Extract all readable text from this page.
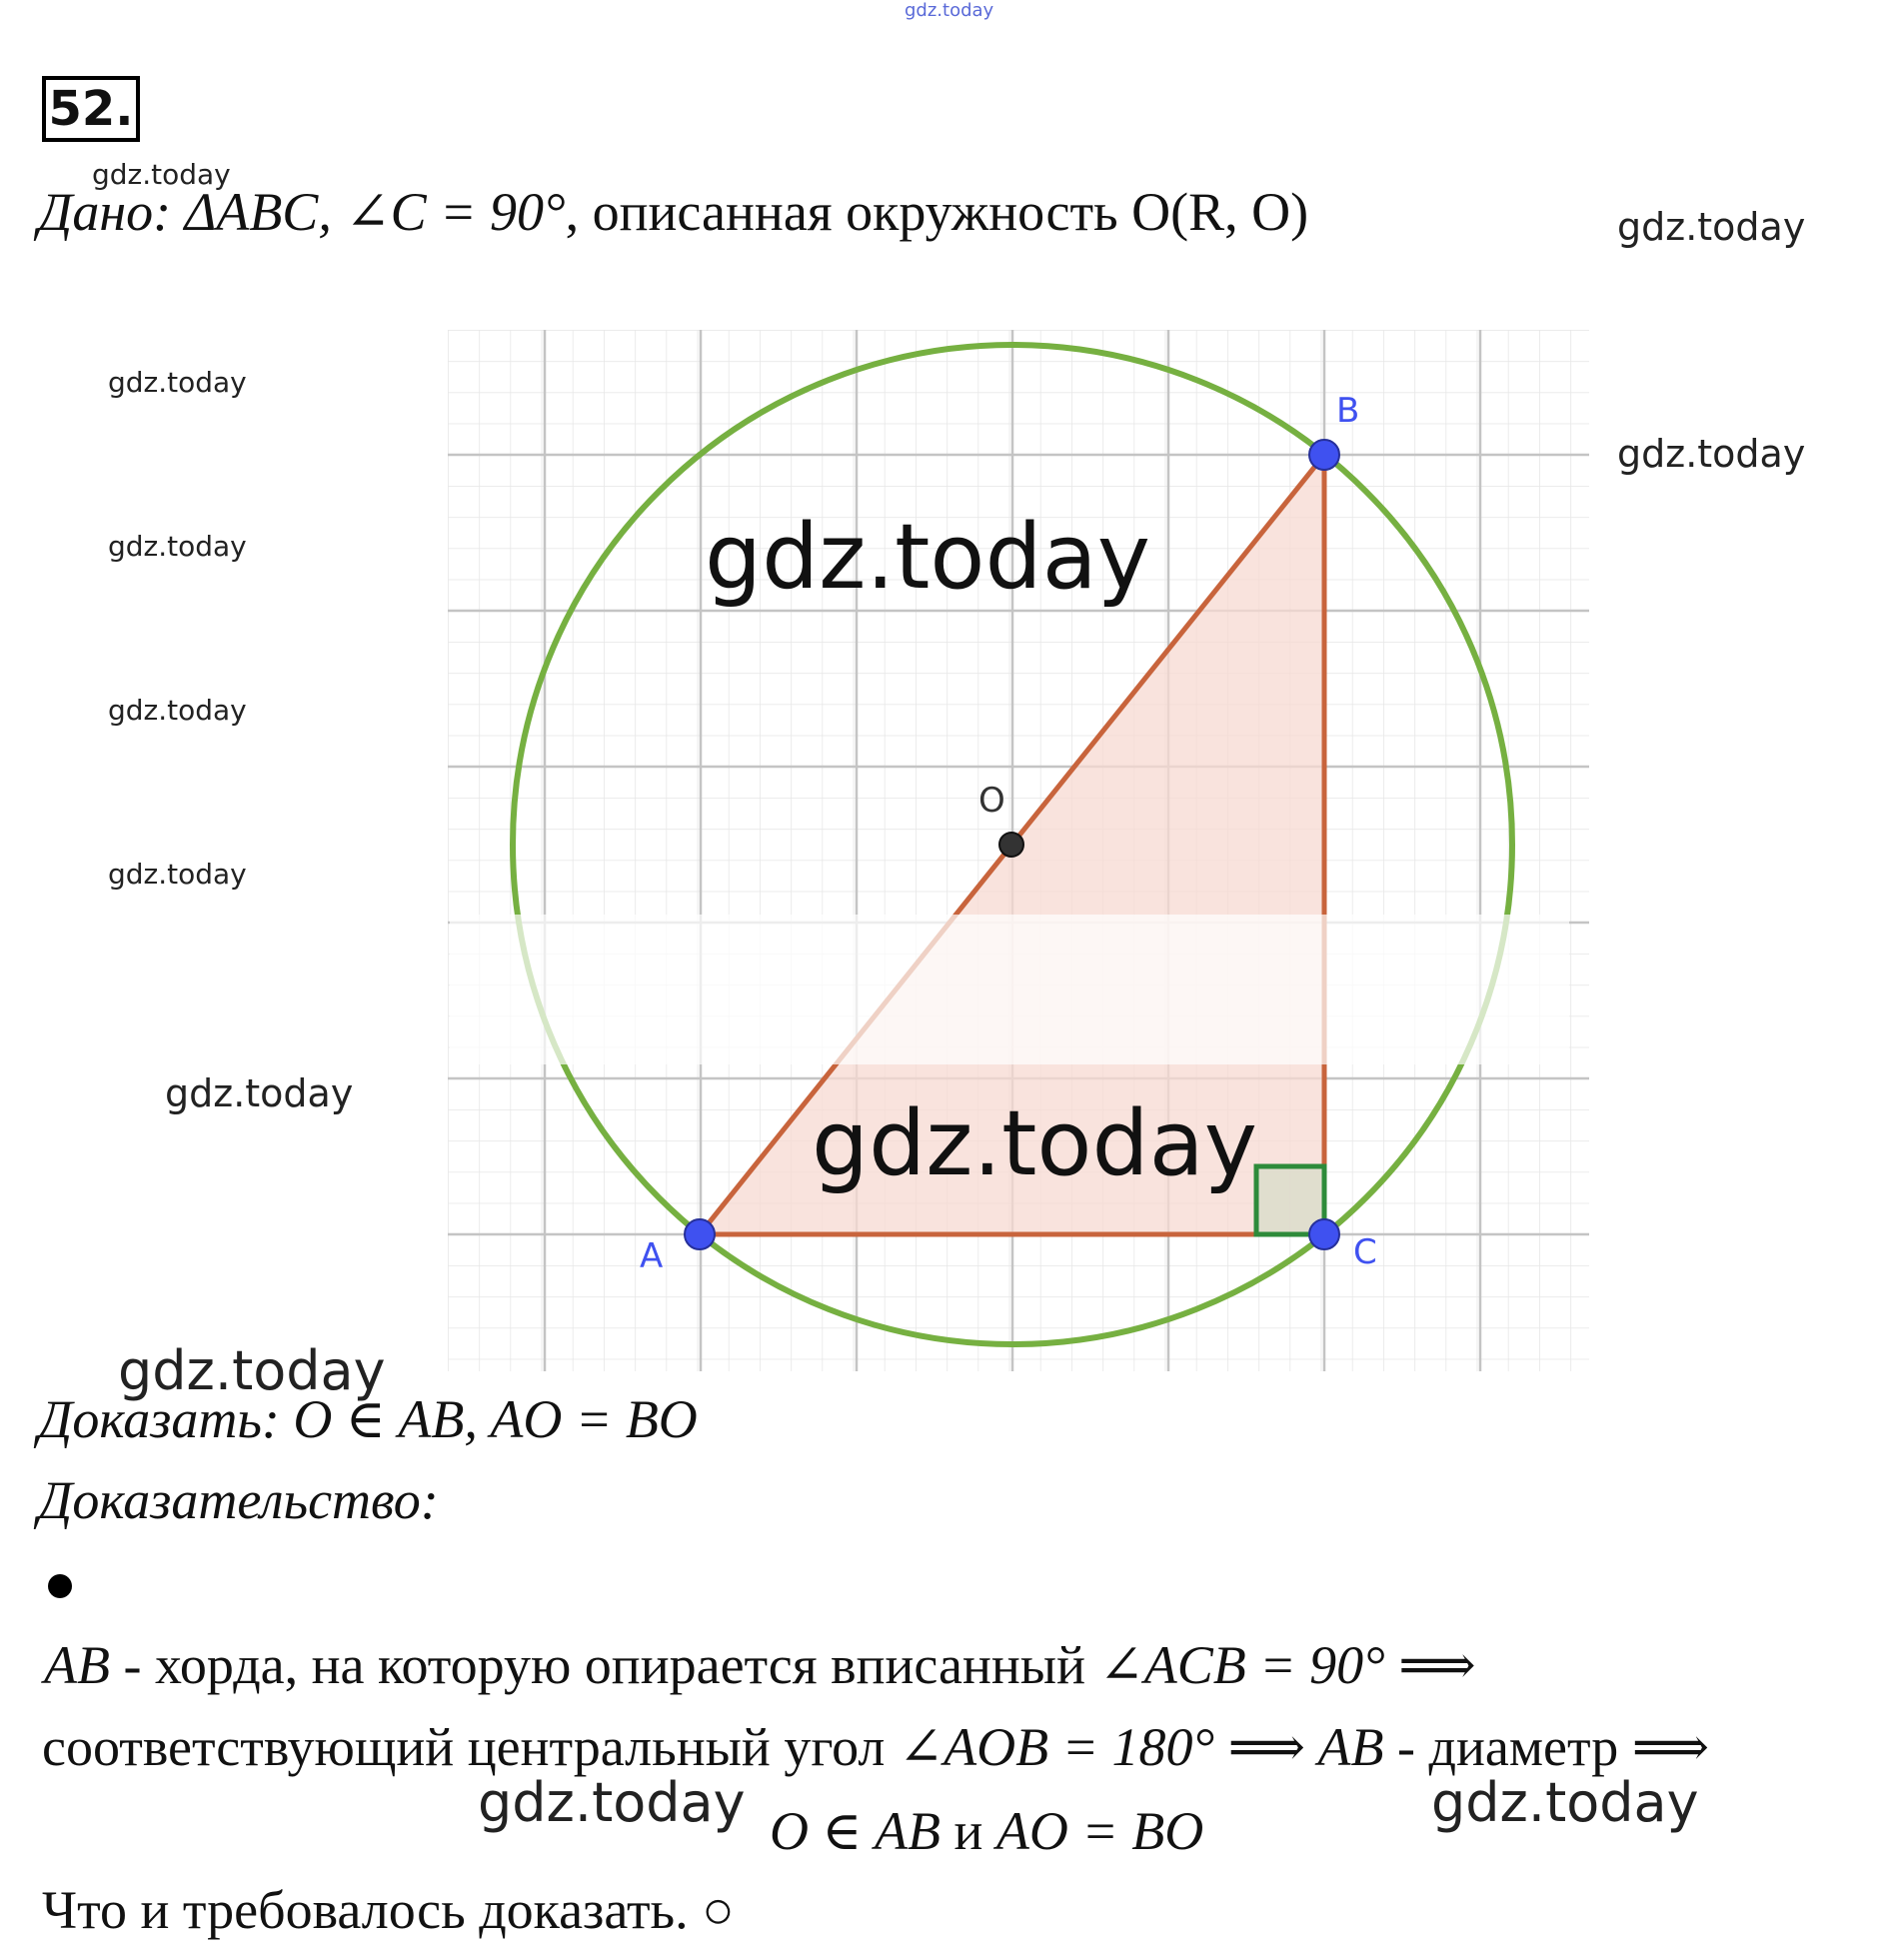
gdz.today
52.
gdz.today
Дано: ΔABC, ∠C = 90°, описанная окружность O(R, O)	gdz.today
gdz.today
gdz.today
gdz.today
gdz.today
gdz.today
gdz.today
A
B
C
O
gdz.today
gdz.today
gdz.today
Доказать: O ∈ AB, AO = BO
Доказательство:
AB - хорда, на которую опирается вписанный ∠ACB = 90° ⟹
соответствующий центральный угол ∠AOB = 180° ⟹ AB - диаметр ⟹
gdz.today	gdz.today
O ∈ AB и AO = BO
Что и требовалось доказать. ○
